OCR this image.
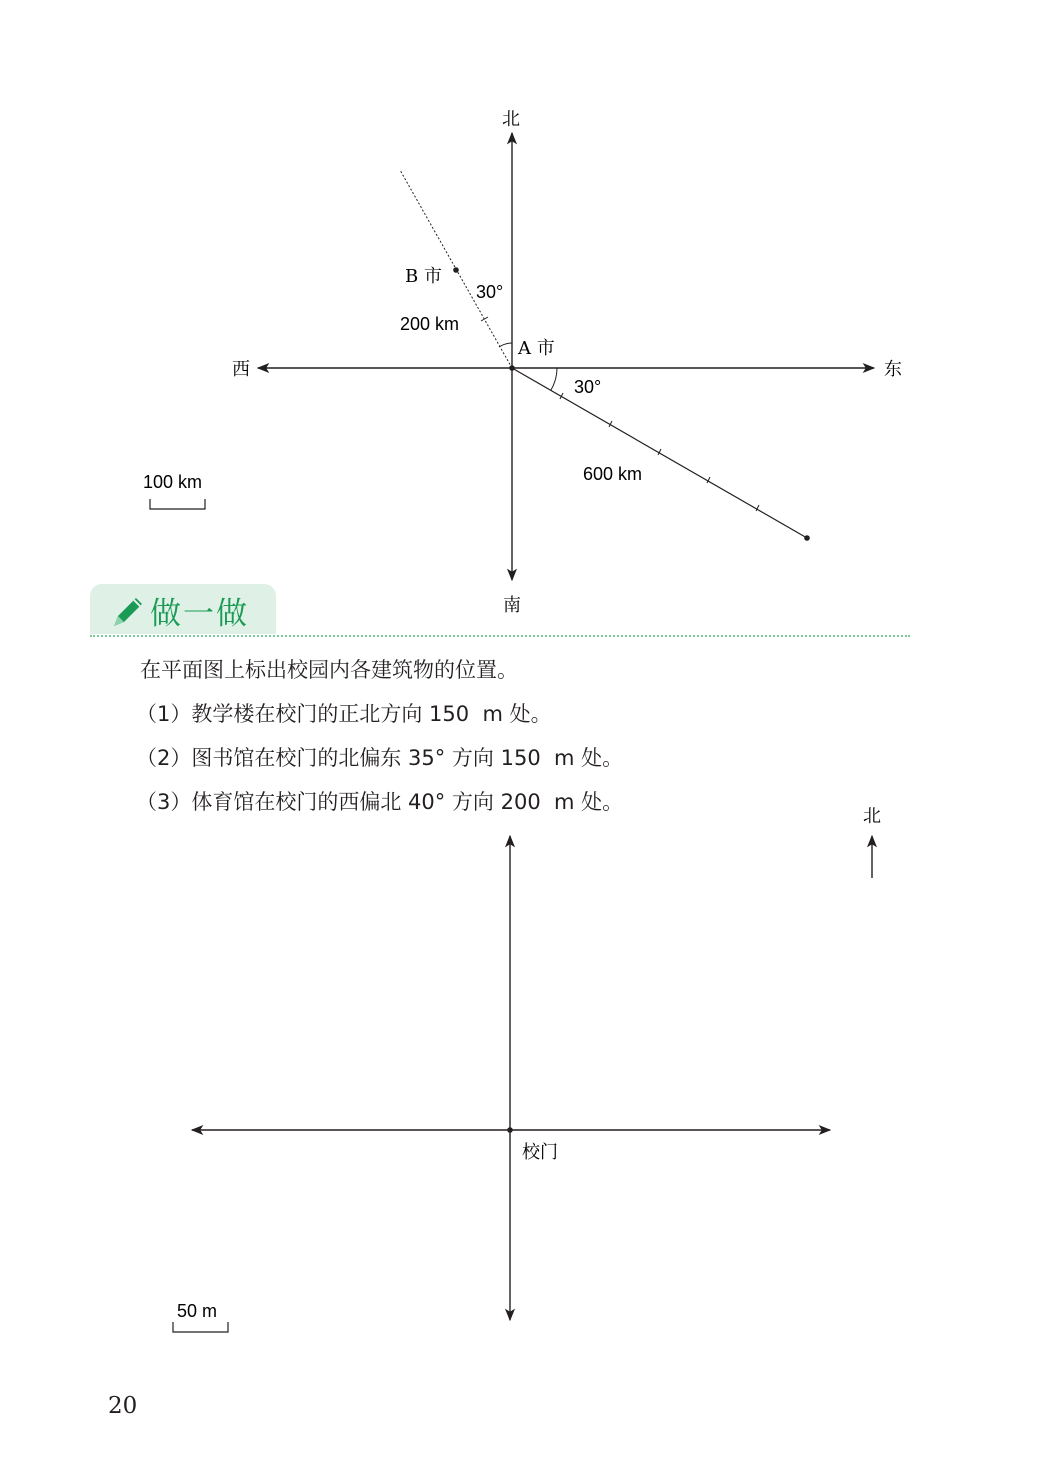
北
南
西	东
A 市
B 市
30°
30°
200 km
600 km
100 km
北
校门
50 m
做一做
在平面图上标出校园内各建筑物的位置。
（1）教学楼在校门的正北方向 150  m 处。
（2）图书馆在校门的北偏东 35° 方向 150  m 处。
（3）体育馆在校门的西偏北 40° 方向 200  m 处。
20
